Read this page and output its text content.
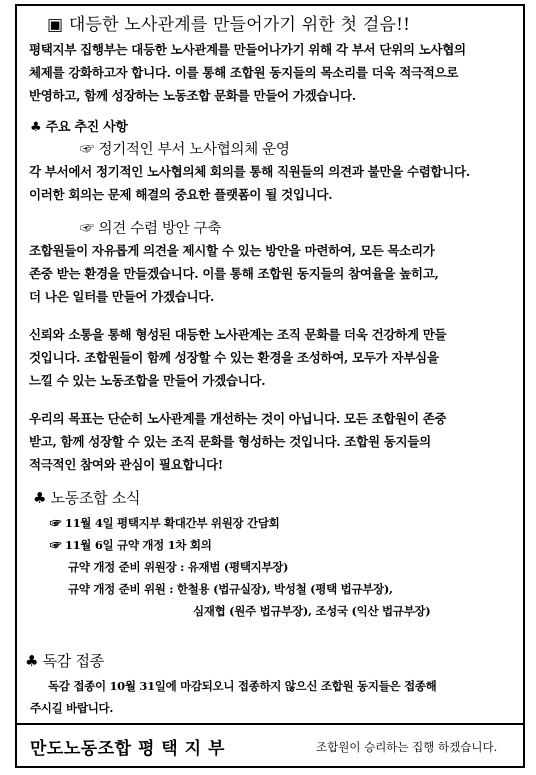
▣ 대등한 노사관계를 만들어가기 위한 첫 걸음!!
평택지부 집행부는 대등한 노사관계를 만들어나가기 위해 각 부서 단위의 노사협의
체제를 강화하고자 합니다. 이를 통해 조합원 동지들의 목소리를 더욱 적극적으로
반영하고, 함께 성장하는 노동조합 문화를 만들어 가겠습니다.
♣ 주요 추진 사항
☞ 정기적인 부서 노사협의체 운영
각 부서에서 정기적인 노사협의체 회의를 통해 직원들의 의견과 불만을 수렴합니다.
이러한 회의는 문제 해결의 중요한 플랫폼이 될 것입니다.
☞ 의견 수렴 방안 구축
조합원들이 자유롭게 의견을 제시할 수 있는 방안을 마련하여, 모든 목소리가
존중 받는 환경을 만들겠습니다. 이를 통해 조합원 동지들의 참여율을 높히고,
더 나은 일터를 만들어 가겠습니다.
신뢰와 소통을 통해 형성된 대등한 노사관계는 조직 문화를 더욱 건강하게 만들
것입니다. 조합원들이 함께 성장할 수 있는 환경을 조성하여, 모두가 자부심을
느낄 수 있는 노동조합을 만들어 가겠습니다.
우리의 목표는 단순히 노사관계를 개선하는 것이 아닙니다. 모든 조합원이 존중
받고, 함께 성장할 수 있는 조직 문화를 형성하는 것입니다. 조합원 동지들의
적극적인 참여와 관심이 필요합니다!
♣ 노동조합 소식
☞ 11월 4일 평택지부 확대간부 위원장 간담회
☞ 11월 6일 규약 개정 1차 회의
규약 개정 준비 위원장 : 유재범 (평택지부장)
규약 개정 준비 위원 : 한철용 (법규실장), 박성철 (평택 법규부장),
심재협 (원주 법규부장), 조성국 (익산 법규부장)
♣ 독감 접종
독감 접종이 10월 31일에 마감되오니 접종하지 않으신 조합원 동지들은 접종해
주시길 바랍니다.
만도노동조합 평 택 지 부	조합원이 승리하는 집행 하겠습니다.
